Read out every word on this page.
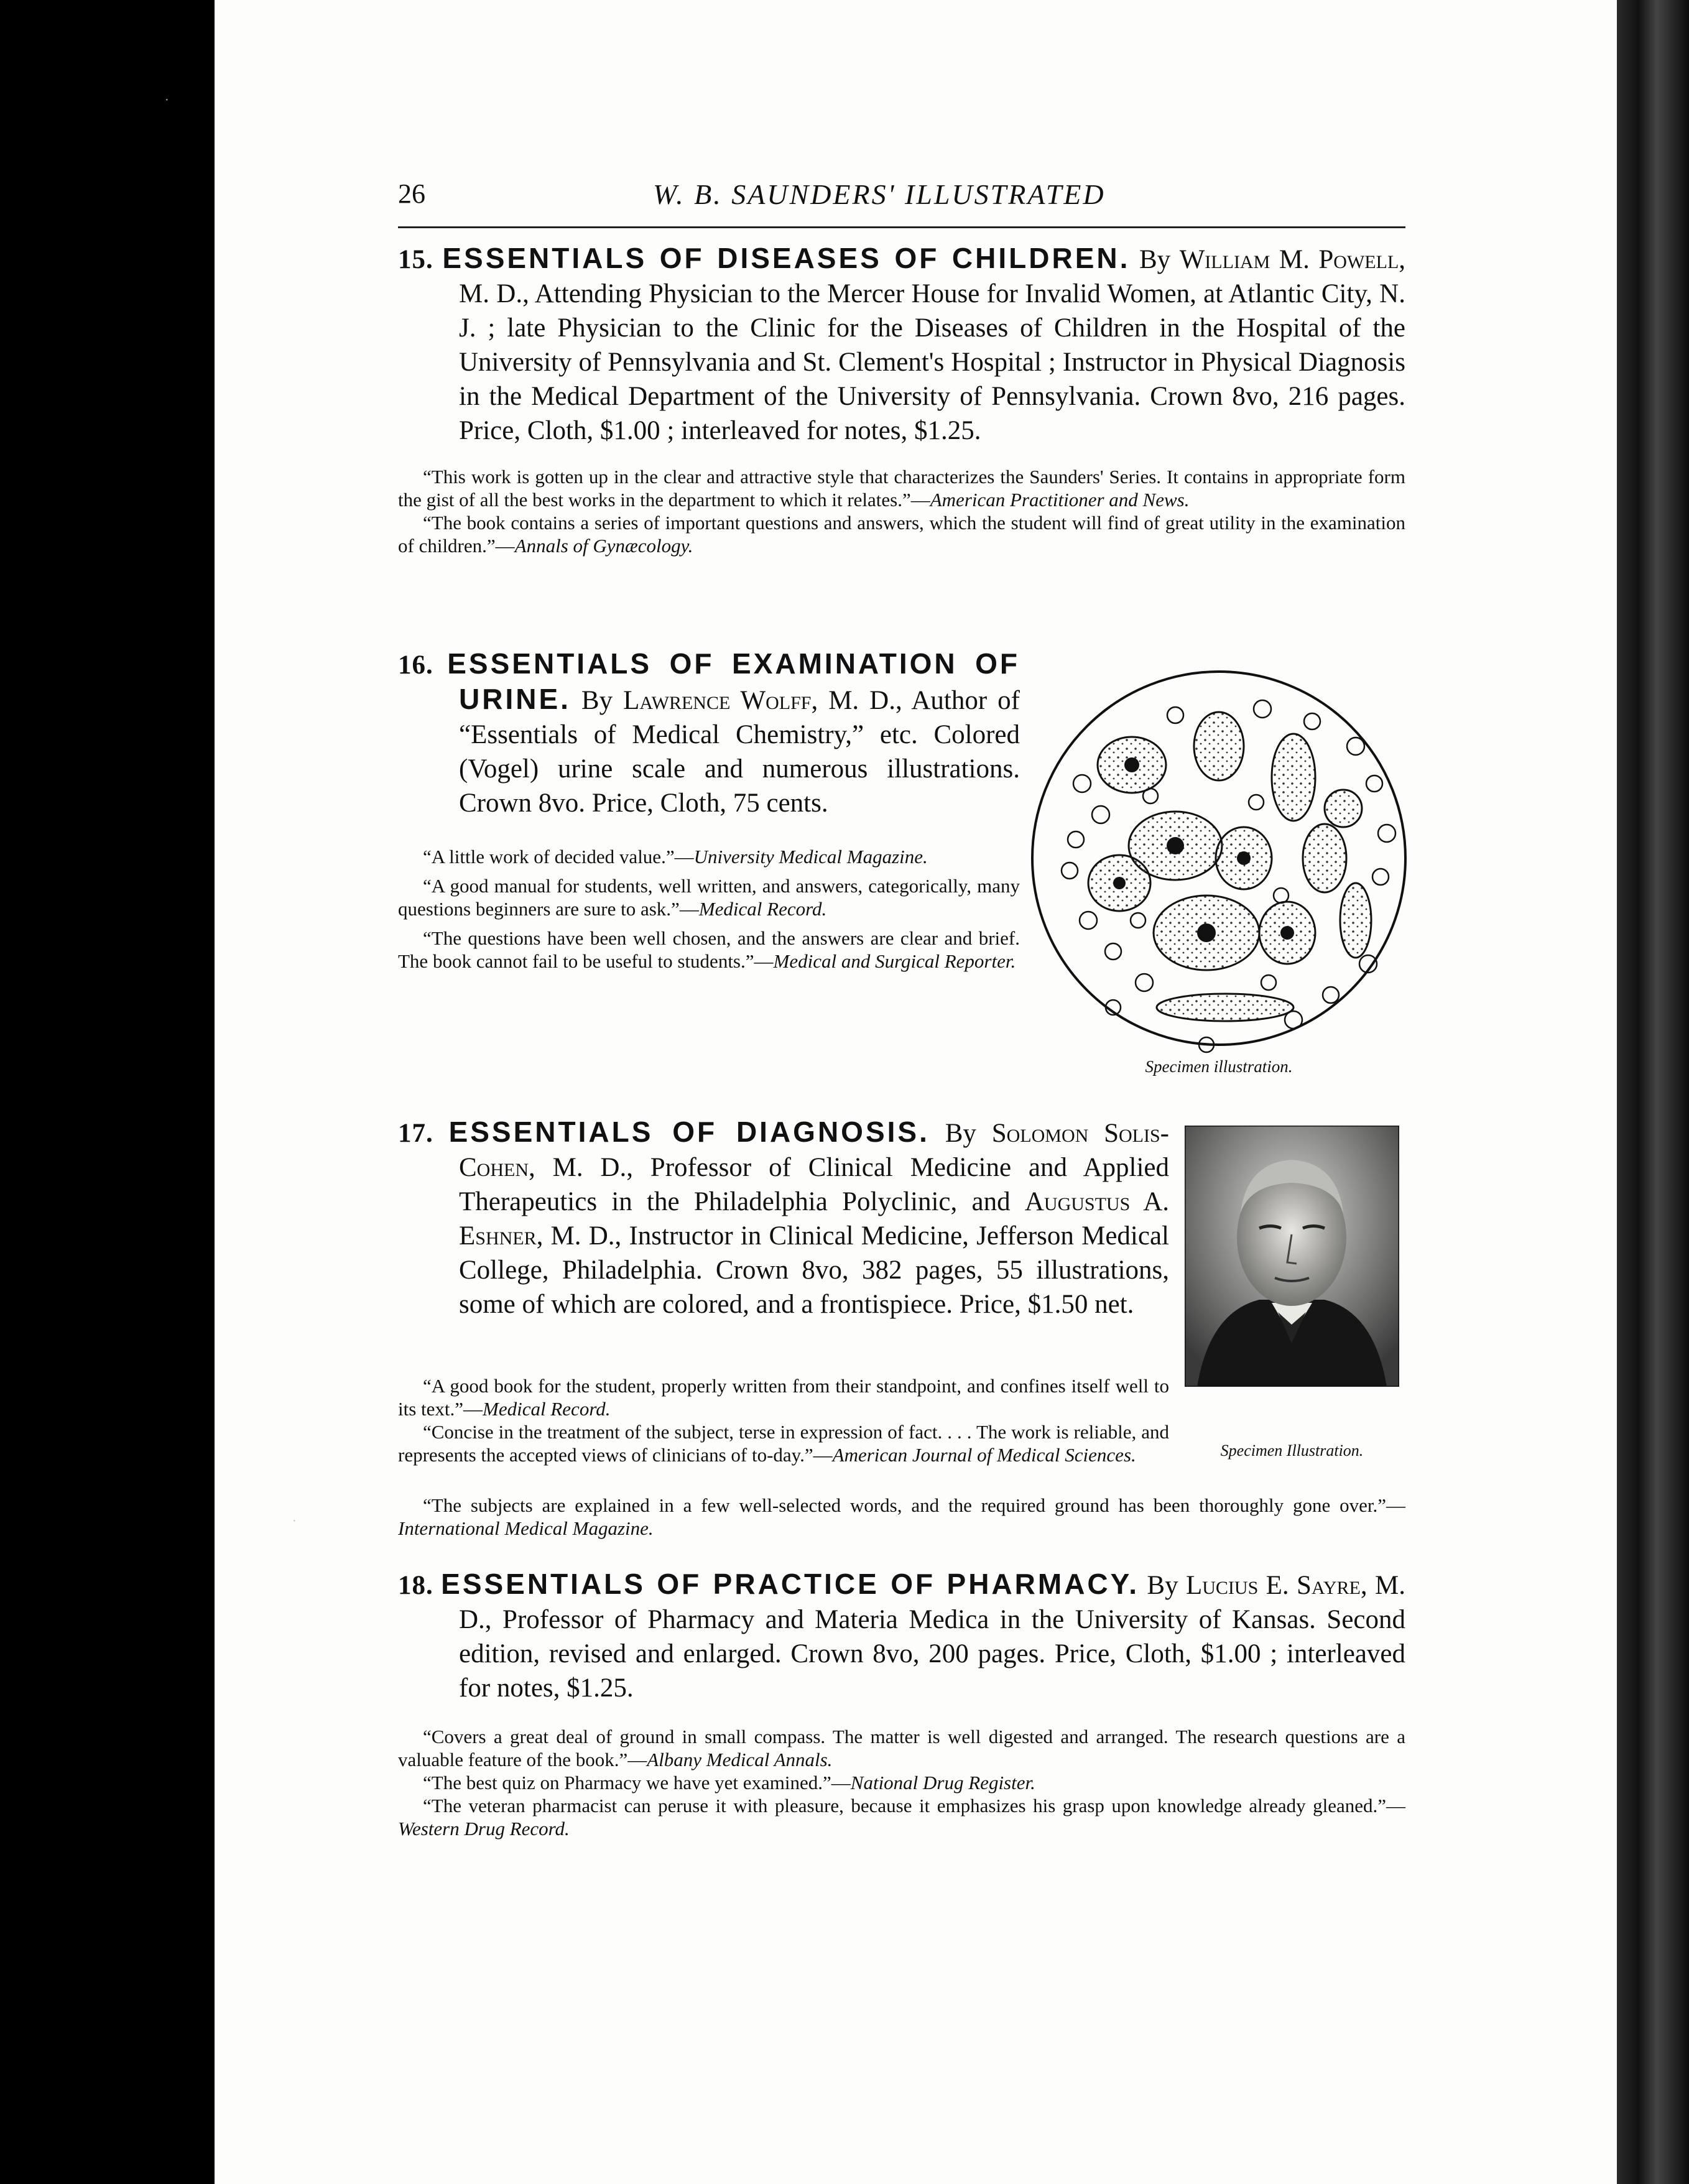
·
·
26	W. B. SAUNDERS' ILLUSTRATED
15. ESSENTIALS OF DISEASES OF CHILDREN. By William M. Powell, M. D., Attending Physician to the Mercer House for Invalid Women, at Atlantic City, N. J. ; late Physician to the Clinic for the Diseases of Children in the Hospital of the University of Pennsylvania and St. Clement's Hospital ; Instructor in Physical Diagnosis in the Medical Department of the University of Pennsylvania. Crown 8vo, 216 pages. Price, Cloth, $1.00 ; interleaved for notes, $1.25.

“This work is gotten up in the clear and attractive style that characterizes the Saunders' Series. It contains in appropriate form the gist of all the best works in the department to which it relates.”—American Practitioner and News.

“The book contains a series of important questions and answers, which the student will find of great utility in the examination of children.”—Annals of Gynæcology.

16. ESSENTIALS OF EXAMINATION OF URINE. By Lawrence Wolff, M. D., Author of “Essentials of Medical Chemistry,” etc. Colored (Vogel) urine scale and numerous illustrations. Crown 8vo. Price, Cloth, 75 cents.

“A little work of decided value.”—University Medical Magazine.

“A good manual for students, well written, and answers, categorically, many questions beginners are sure to ask.”—Medical Record.

“The questions have been well chosen, and the answers are clear and brief. The book cannot fail to be useful to students.”—Medical and Surgical Reporter.

Specimen illustration.
17. ESSENTIALS OF DIAGNOSIS. By Solomon Solis-Cohen, M. D., Professor of Clinical Medicine and Applied Therapeutics in the Philadelphia Polyclinic, and Augustus A. Eshner, M. D., Instructor in Clinical Medicine, Jefferson Medical College, Philadelphia. Crown 8vo, 382 pages, 55 illustrations, some of which are colored, and a frontispiece. Price, $1.50 net.

“A good book for the student, properly written from their standpoint, and confines itself well to its text.”—Medical Record.

“Concise in the treatment of the subject, terse in expression of fact. . . . The work is reliable, and represents the accepted views of clinicians of to-day.”—American Journal of Medical Sciences.

“The subjects are explained in a few well-selected words, and the required ground has been thoroughly gone over.”—International Medical Magazine.

Specimen Illustration.
18. ESSENTIALS OF PRACTICE OF PHARMACY. By Lucius E. Sayre, M. D., Professor of Pharmacy and Materia Medica in the University of Kansas. Second edition, revised and enlarged. Crown 8vo, 200 pages. Price, Cloth, $1.00 ; interleaved for notes, $1.25.

“Covers a great deal of ground in small compass. The matter is well digested and arranged. The research questions are a valuable feature of the book.”—Albany Medical Annals.

“The best quiz on Pharmacy we have yet examined.”—National Drug Register.

“The veteran pharmacist can peruse it with pleasure, because it emphasizes his grasp upon knowledge already gleaned.”—Western Drug Record.
